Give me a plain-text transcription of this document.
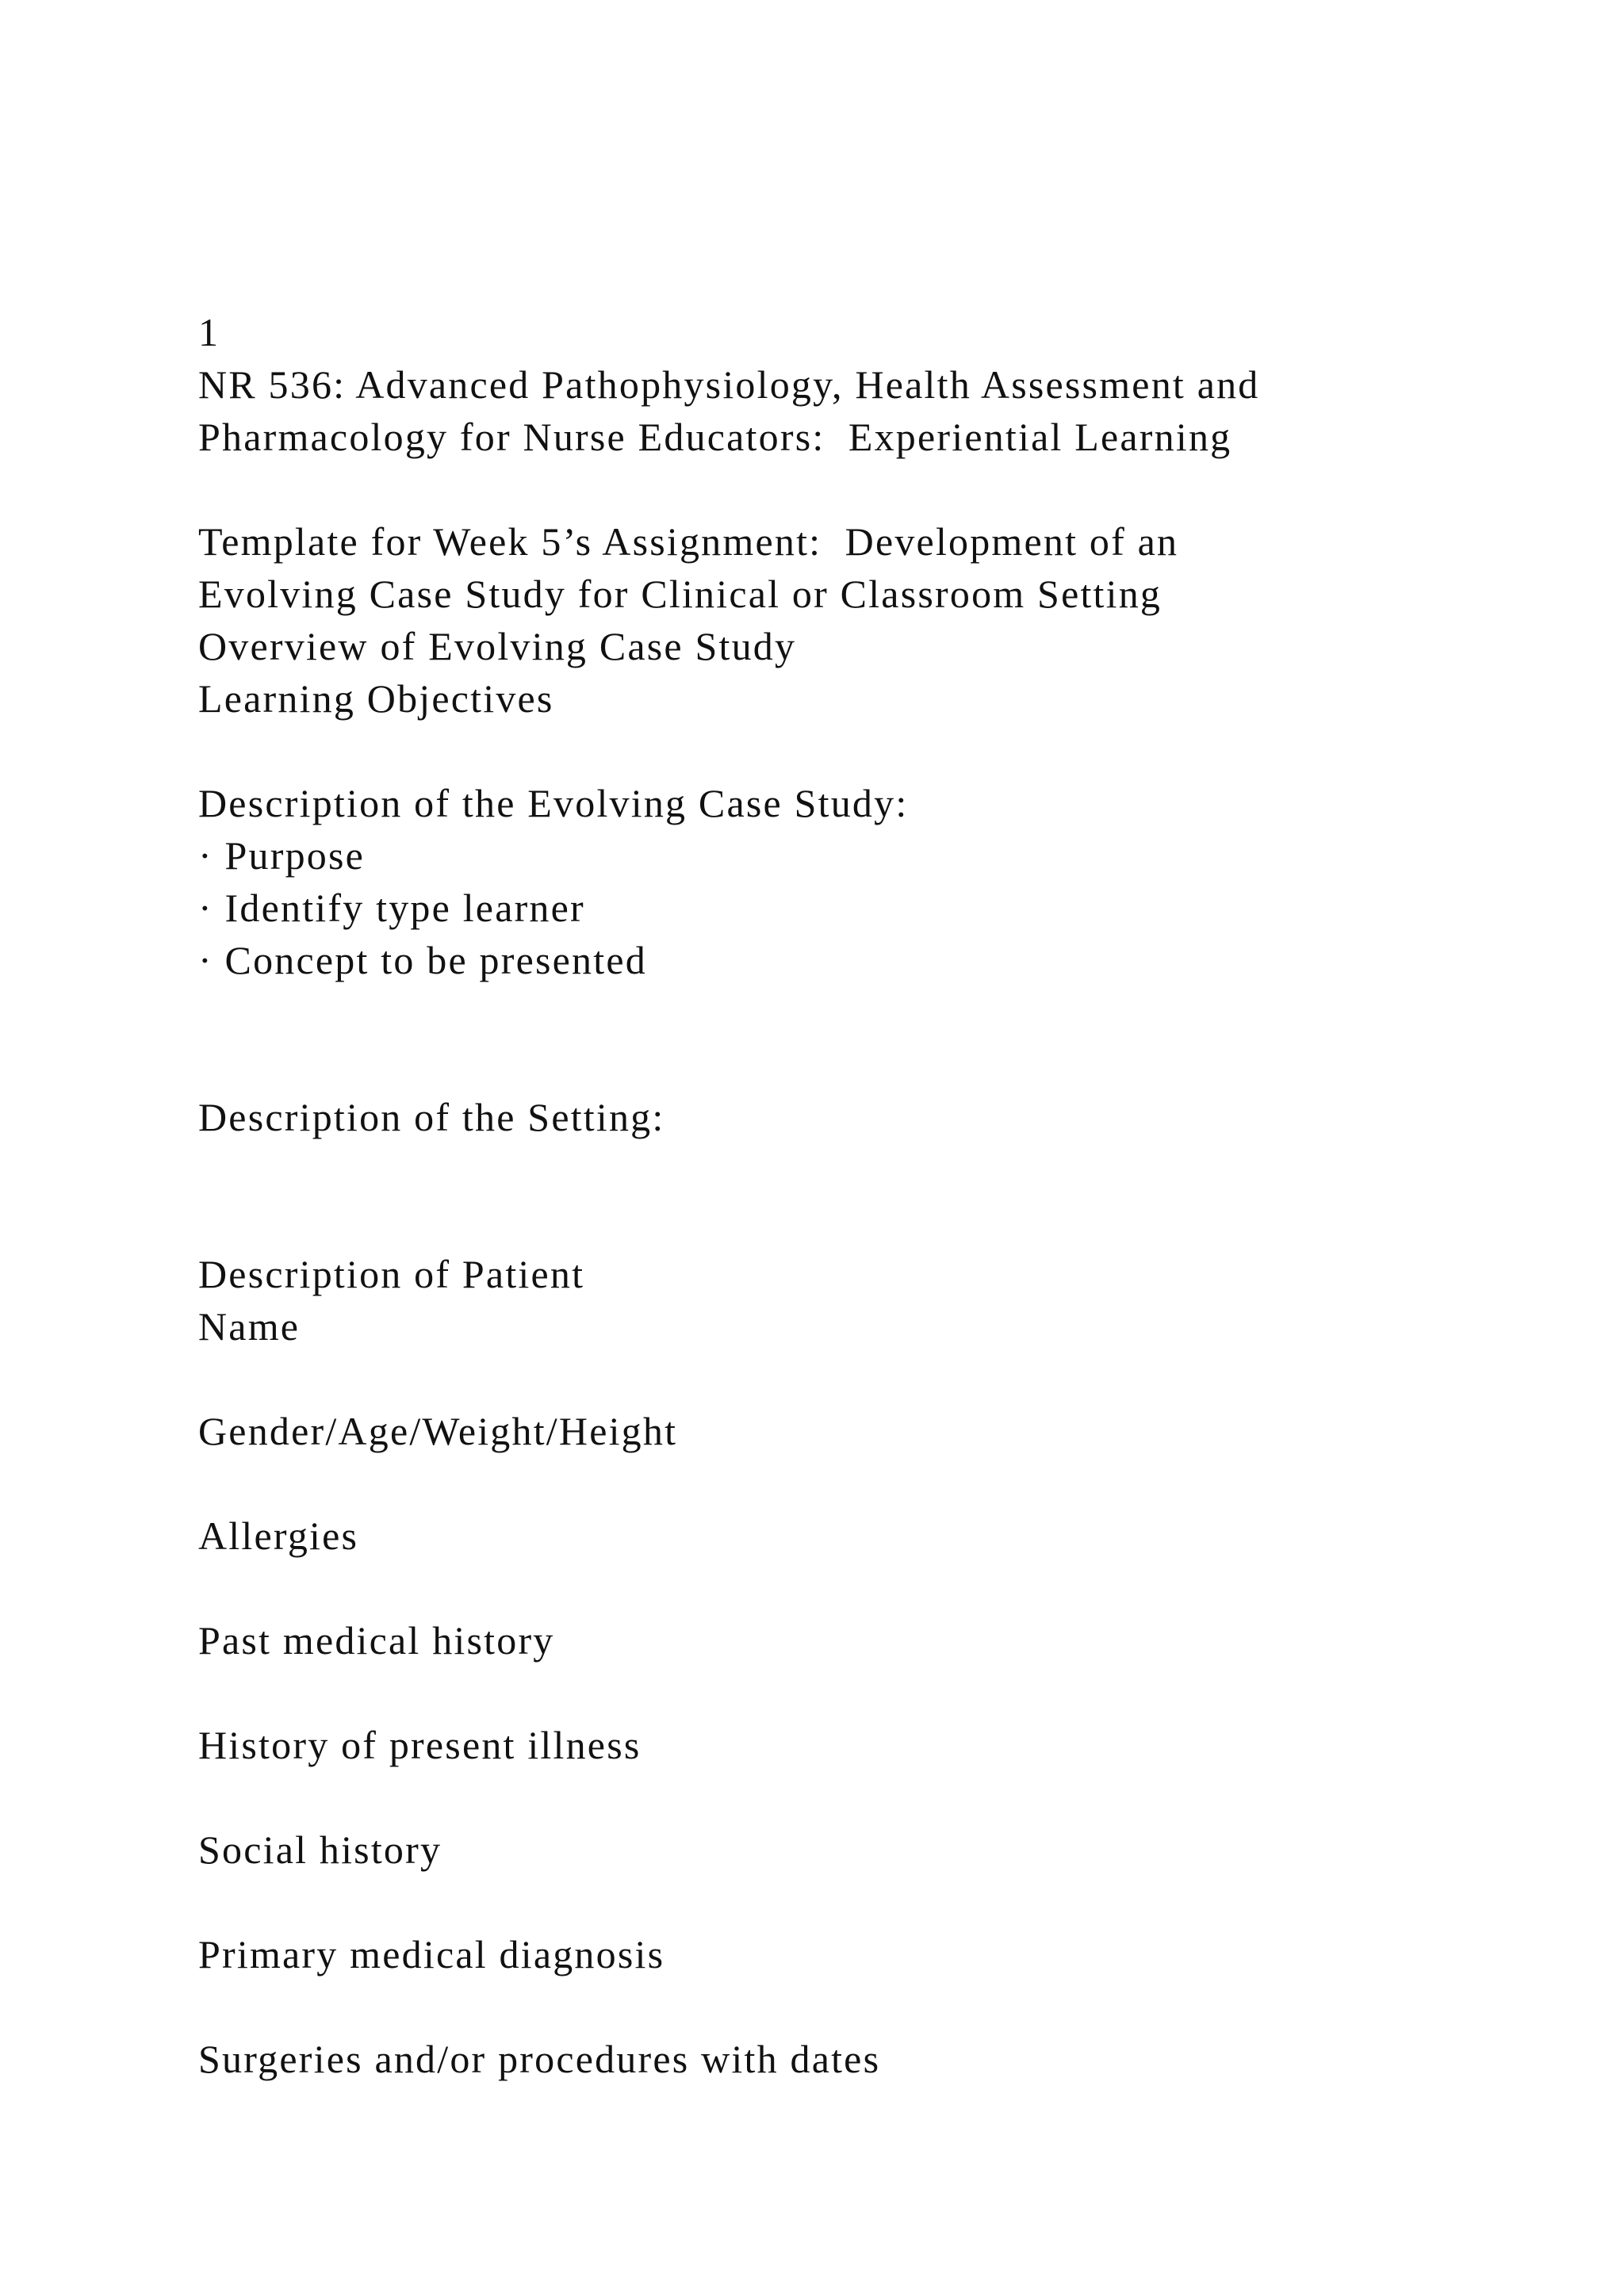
1
NR 536: Advanced Pathophysiology, Health Assessment and
Pharmacology for Nurse Educators:  Experiential Learning
Template for Week 5’s Assignment:  Development of an
Evolving Case Study for Clinical or Classroom Setting
Overview of Evolving Case Study
Learning Objectives
Description of the Evolving Case Study:
· Purpose
· Identify type learner
· Concept to be presented
Description of the Setting:
Description of Patient
Name
Gender/Age/Weight/Height
Allergies
Past medical history
History of present illness
Social history
Primary medical diagnosis
Surgeries and/or procedures with dates
